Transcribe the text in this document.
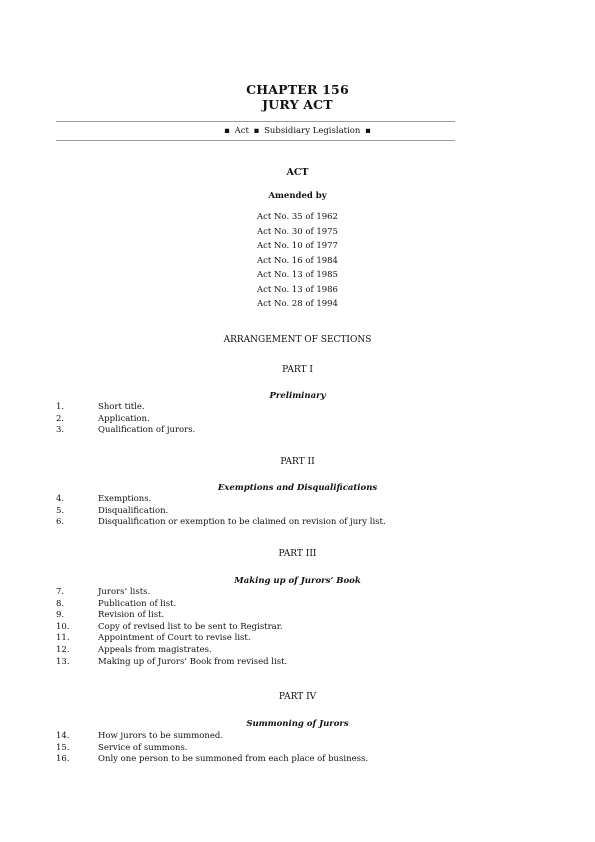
CHAPTER 156
JURY ACT
▪ Act ▪ Subsidiary Legislation ▪
ACT
Amended by
Act No. 35 of 1962
Act No. 30 of 1975
Act No. 10 of 1977
Act No. 16 of 1984
Act No. 13 of 1985
Act No. 13 of 1986
Act No. 28 of 1994
ARRANGEMENT OF SECTIONS
PART I
Preliminary
1.	Short title.
2.	Application.
3.	Qualification of jurors.
PART II
Exemptions and Disqualifications
4.	Exemptions.
5.	Disqualification.
6.	Disqualification or exemption to be claimed on revision of jury list.
PART III
Making up of Jurors’ Book
7.	Jurors’ lists.
8.	Publication of list.
9.	Revision of list.
10.	Copy of revised list to be sent to Registrar.
11.	Appointment of Court to revise list.
12.	Appeals from magistrates.
13.	Making up of Jurors’ Book from revised list.
PART IV
Summoning of Jurors
14.	How jurors to be summoned.
15.	Service of summons.
16.	Only one person to be summoned from each place of business.
